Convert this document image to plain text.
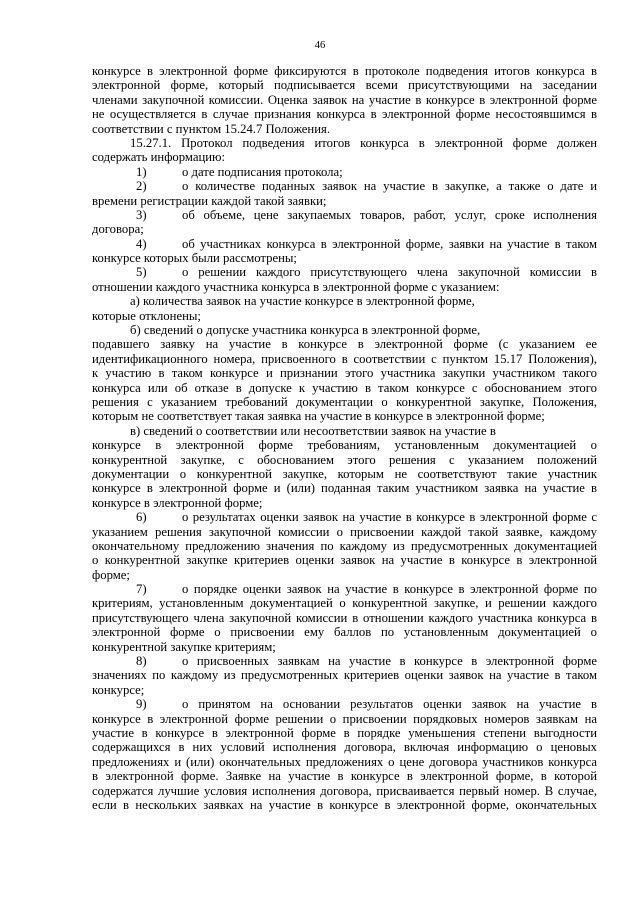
46
конкурсе в электронной форме фиксируются в протоколе подведения итогов конкурса в
электронной форме, который подписывается всеми присутствующими на заседании
членами закупочной комиссии. Оценка заявок на участие в конкурсе в электронной форме
не осуществляется в случае признания конкурса в электронной форме несостоявшимся в
соответствии с пунктом 15.24.7 Положения.
15.27.1. Протокол подведения итогов конкурса в электронной форме должен
содержать информацию:
1)	о дате подписания протокола;
2)	о количестве поданных заявок на участие в закупке, а также о дате и
времени регистрации каждой такой заявки;
3)	об объеме, цене закупаемых товаров, работ, услуг, сроке исполнения
договора;
4)	об участниках конкурса в электронной форме, заявки на участие в таком
конкурсе которых были рассмотрены;
5)	о решении каждого присутствующего члена закупочной комиссии в
отношении каждого участника конкурса в электронной форме с указанием:
а) количества заявок на участие конкурсе в электронной форме,
которые отклонены;
б) сведений о допуске участника конкурса в электронной форме,
подавшего заявку на участие в конкурсе в электронной форме (с указанием ее
идентификационного номера, присвоенного в соответствии с пунктом 15.17 Положения),
к участию в таком конкурсе и признании этого участника закупки участником такого
конкурса или об отказе в допуске к участию в таком конкурсе с обоснованием этого
решения с указанием требований документации о конкурентной закупке, Положения,
которым не соответствует такая заявка на участие в конкурсе в электронной форме;
в) сведений о соответствии или несоответствии заявок на участие в
конкурсе в электронной форме требованиям, установленным документацией о
конкурентной закупке, с обоснованием этого решения с указанием положений
документации о конкурентной закупке, которым не соответствуют такие участник
конкурсе в электронной форме и (или) поданная таким участником заявка на участие в
конкурсе в электронной форме;
6)	о результатах оценки заявок на участие в конкурсе в электронной форме с
указанием решения закупочной комиссии о присвоении каждой такой заявке, каждому
окончательному предложению значения по каждому из предусмотренных документацией
о конкурентной закупке критериев оценки заявок на участие в конкурсе в электронной
форме;
7)	о порядке оценки заявок на участие в конкурсе в электронной форме по
критериям, установленным документацией о конкурентной закупке, и решении каждого
присутствующего члена закупочной комиссии в отношении каждого участника конкурса в
электронной форме о присвоении ему баллов по установленным документацией о
конкурентной закупке критериям;
8)	о присвоенных заявкам на участие в конкурсе в электронной форме
значениях по каждому из предусмотренных критериев оценки заявок на участие в таком
конкурсе;
9)	о принятом на основании результатов оценки заявок на участие в
конкурсе в электронной форме решении о присвоении порядковых номеров заявкам на
участие в конкурсе в электронной форме в порядке уменьшения степени выгодности
содержащихся в них условий исполнения договора, включая информацию о ценовых
предложениях и (или) окончательных предложениях о цене договора участников конкурса
в электронной форме. Заявке на участие в конкурсе в электронной форме, в которой
содержатся лучшие условия исполнения договора, присваивается первый номер. В случае,
если в нескольких заявках на участие в конкурсе в электронной форме, окончательных
